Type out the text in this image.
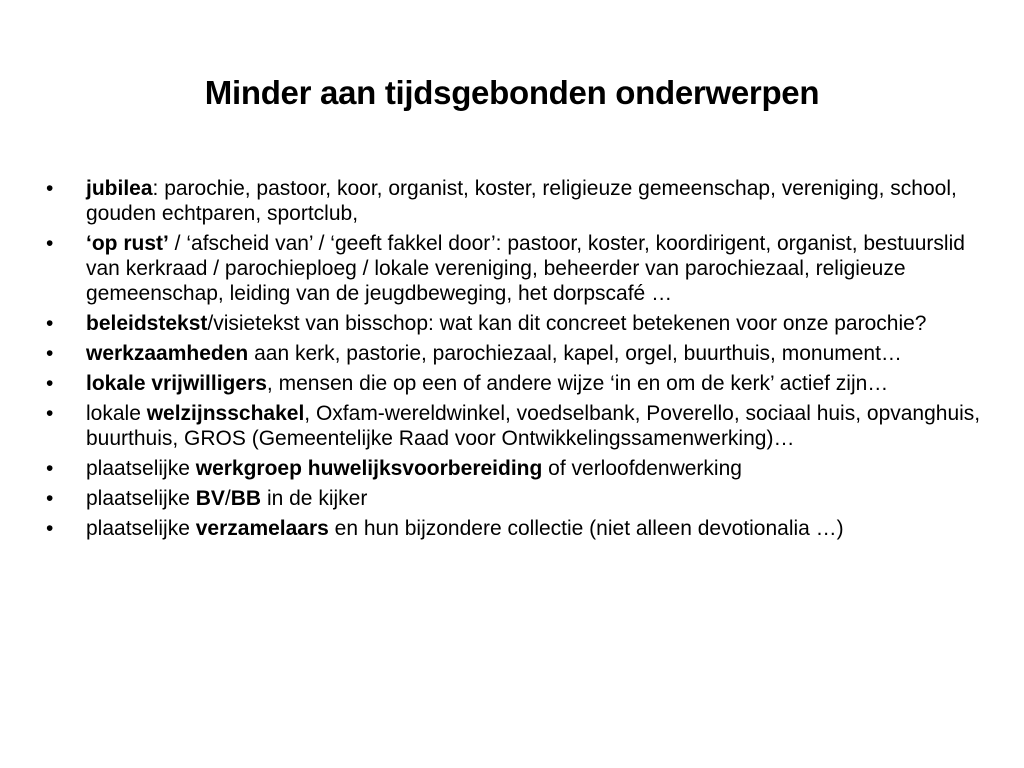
Minder aan tijdsgebonden onderwerpen
• jubilea: parochie, pastoor, koor, organist, koster, religieuze gemeenschap, vereniging, school, gouden echtparen, sportclub,
• ‘op rust’ / ‘afscheid van’ / ‘geeft fakkel door’: pastoor, koster, koordirigent, organist, bestuurslid van kerkraad / parochieploeg / lokale vereniging, beheerder van parochiezaal, religieuze gemeenschap, leiding van de jeugdbeweging, het dorpscafé …
• beleidstekst/visietekst van bisschop: wat kan dit concreet betekenen voor onze parochie?
• werkzaamheden aan kerk, pastorie, parochiezaal, kapel, orgel, buurthuis, monument…
• lokale vrijwilligers, mensen die op een of andere wijze ‘in en om de kerk’ actief zijn…
• lokale welzijnsschakel, Oxfam-wereldwinkel, voedselbank, Poverello, sociaal huis, opvanghuis, buurthuis, GROS (Gemeentelijke Raad voor Ontwikkelingssamenwerking)…
• plaatselijke werkgroep huwelijksvoorbereiding of verloofdenwerking
• plaatselijke BV/BB in de kijker
• plaatselijke verzamelaars en hun bijzondere collectie (niet alleen devotionalia …)
